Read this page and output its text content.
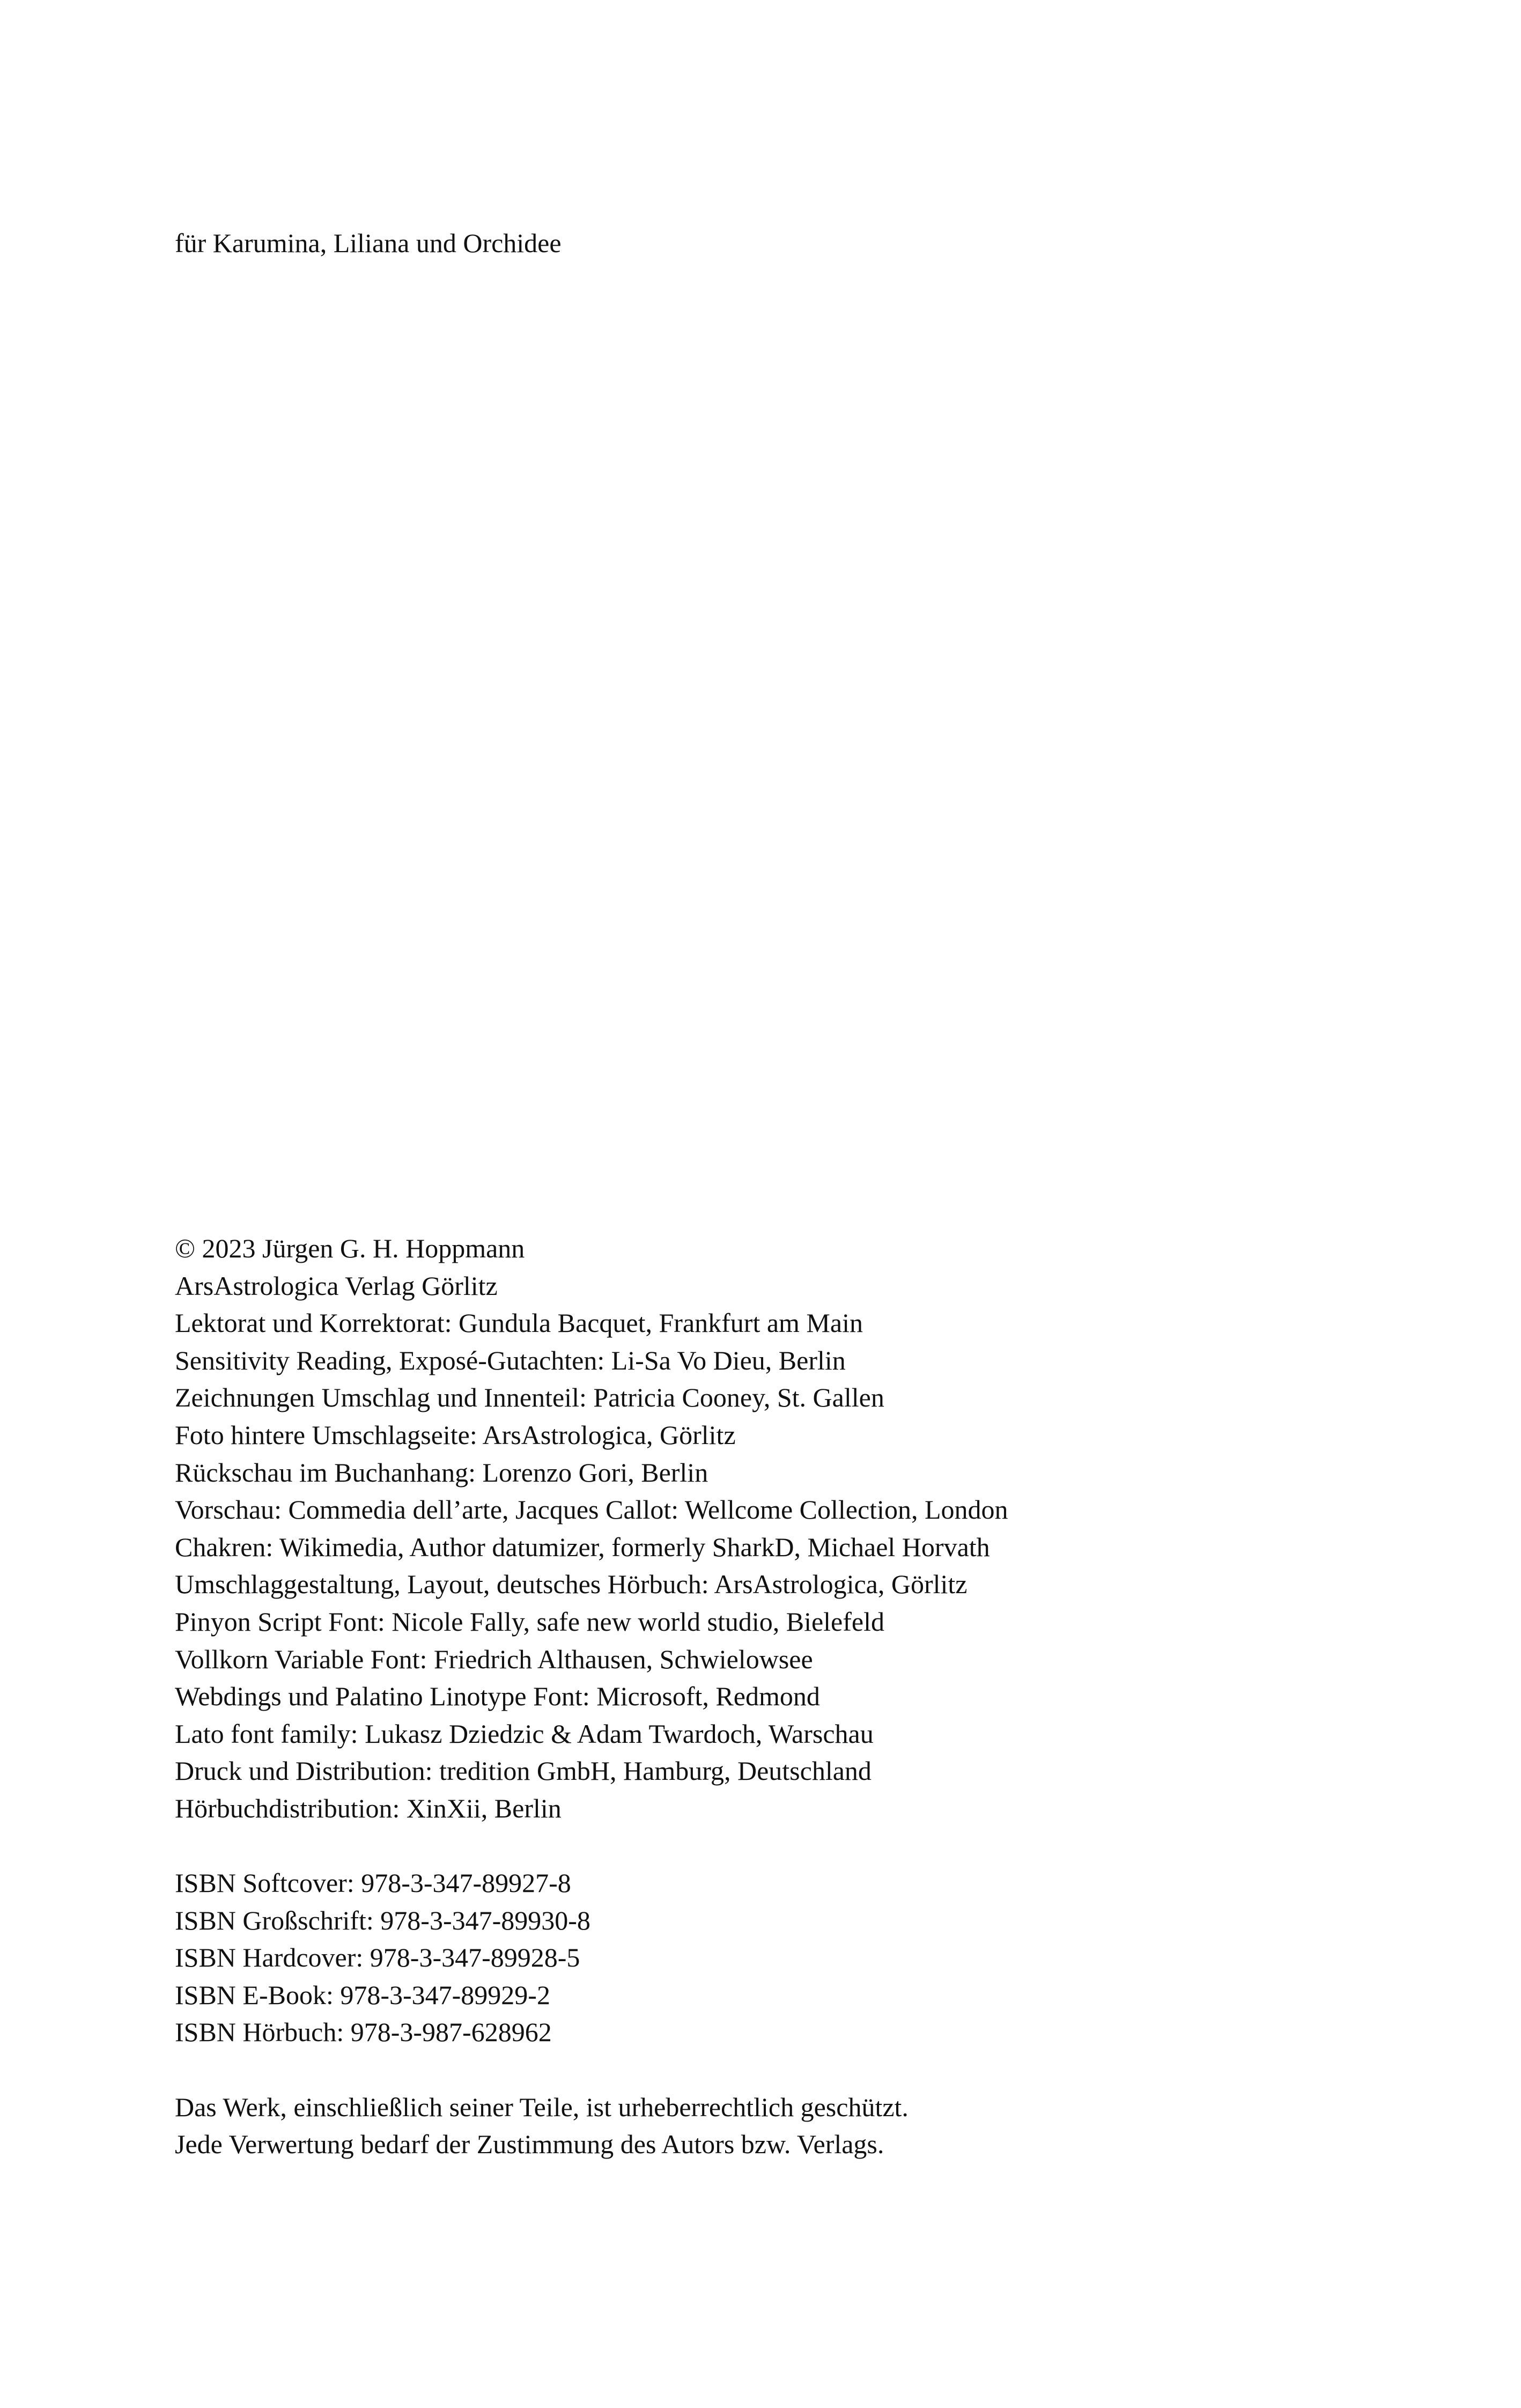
für Karumina, Liliana und Orchidee
© 2023 Jürgen G. H. Hoppmann
ArsAstrologica Verlag Görlitz
Lektorat und Korrektorat: Gundula Bacquet, Frankfurt am Main
Sensitivity Reading, Exposé-Gutachten: Li-Sa Vo Dieu, Berlin
Zeichnungen Umschlag und Innenteil: Patricia Cooney, St. Gallen
Foto hintere Umschlagseite: ArsAstrologica, Görlitz
Rückschau im Buchanhang: Lorenzo Gori, Berlin
Vorschau: Commedia dell’arte, Jacques Callot: Wellcome Collection, London
Chakren: Wikimedia, Author datumizer, formerly SharkD, Michael Horvath
Umschlaggestaltung, Layout, deutsches Hörbuch: ArsAstrologica, Görlitz
Pinyon Script Font: Nicole Fally, safe new world studio, Bielefeld
Vollkorn Variable Font: Friedrich Althausen, Schwielowsee
Webdings und Palatino Linotype Font: Microsoft, Redmond
Lato font family: Lukasz Dziedzic & Adam Twardoch, Warschau
Druck und Distribution: tredition GmbH, Hamburg, Deutschland
Hörbuchdistribution: XinXii, Berlin
ISBN Softcover: 978-3-347-89927-8
ISBN Großschrift: 978-3-347-89930-8
ISBN Hardcover: 978-3-347-89928-5
ISBN E-Book: 978-3-347-89929-2
ISBN Hörbuch: 978-3-987-628962
Das Werk, einschließlich seiner Teile, ist urheberrechtlich geschützt.
Jede Verwertung bedarf der Zustimmung des Autors bzw. Verlags.
